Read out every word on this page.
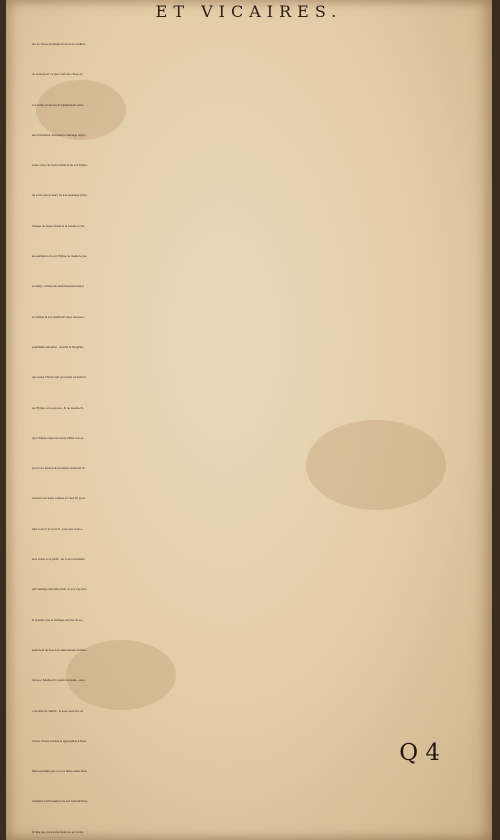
ET VICAIRES.
me de chose prophane,& de ne le souiller,
ou violer,pour ce que c'est vne chose de
soy sainte & sacrée,& signamment entre
les Chrestiens, desquels le mariage repre-
sente celuy de Iesus Christ & de son Eglise,
de sorte que le mary en son mesnage porte
l'image de Iesus Christ,& la femme porte
la semblance de son Eglise:de maniere que
le mary( comme dit saint Paul)doit aimer
sa femme & soy maintenir auec elle,auec
semblable sincerité , charité & integrité,
que Iesus Christ s'est gouuerné a l'endroit
de l'Eglise son espouse : & de mesme fil,
que l'Eglise respecte Iesus Christ son es-
poux,tout ainsi doit la femme honnorer &
reuerer son mary comme sõ chef. Et pour-
tant vous N. & vous N . puis que vous e-
stez venus a ce point , de vous conioindre
par mariage,entendez bien ce que i'ay dict,
& retenez que le mariage est vne chose
saincte,& qu'il se doit sainctement entrete-
nir,auec fidelité & loyauté mutuelle , auec
concorde & charité , & auec exercice en
toutes choses bonnes & aggreables a Dieu.
Bien sçachans,que si vous faites ainsi, Dieu
remplira vostre maison de ses benedictions,
& fera que vous serez heureux en toutes
Q 4
